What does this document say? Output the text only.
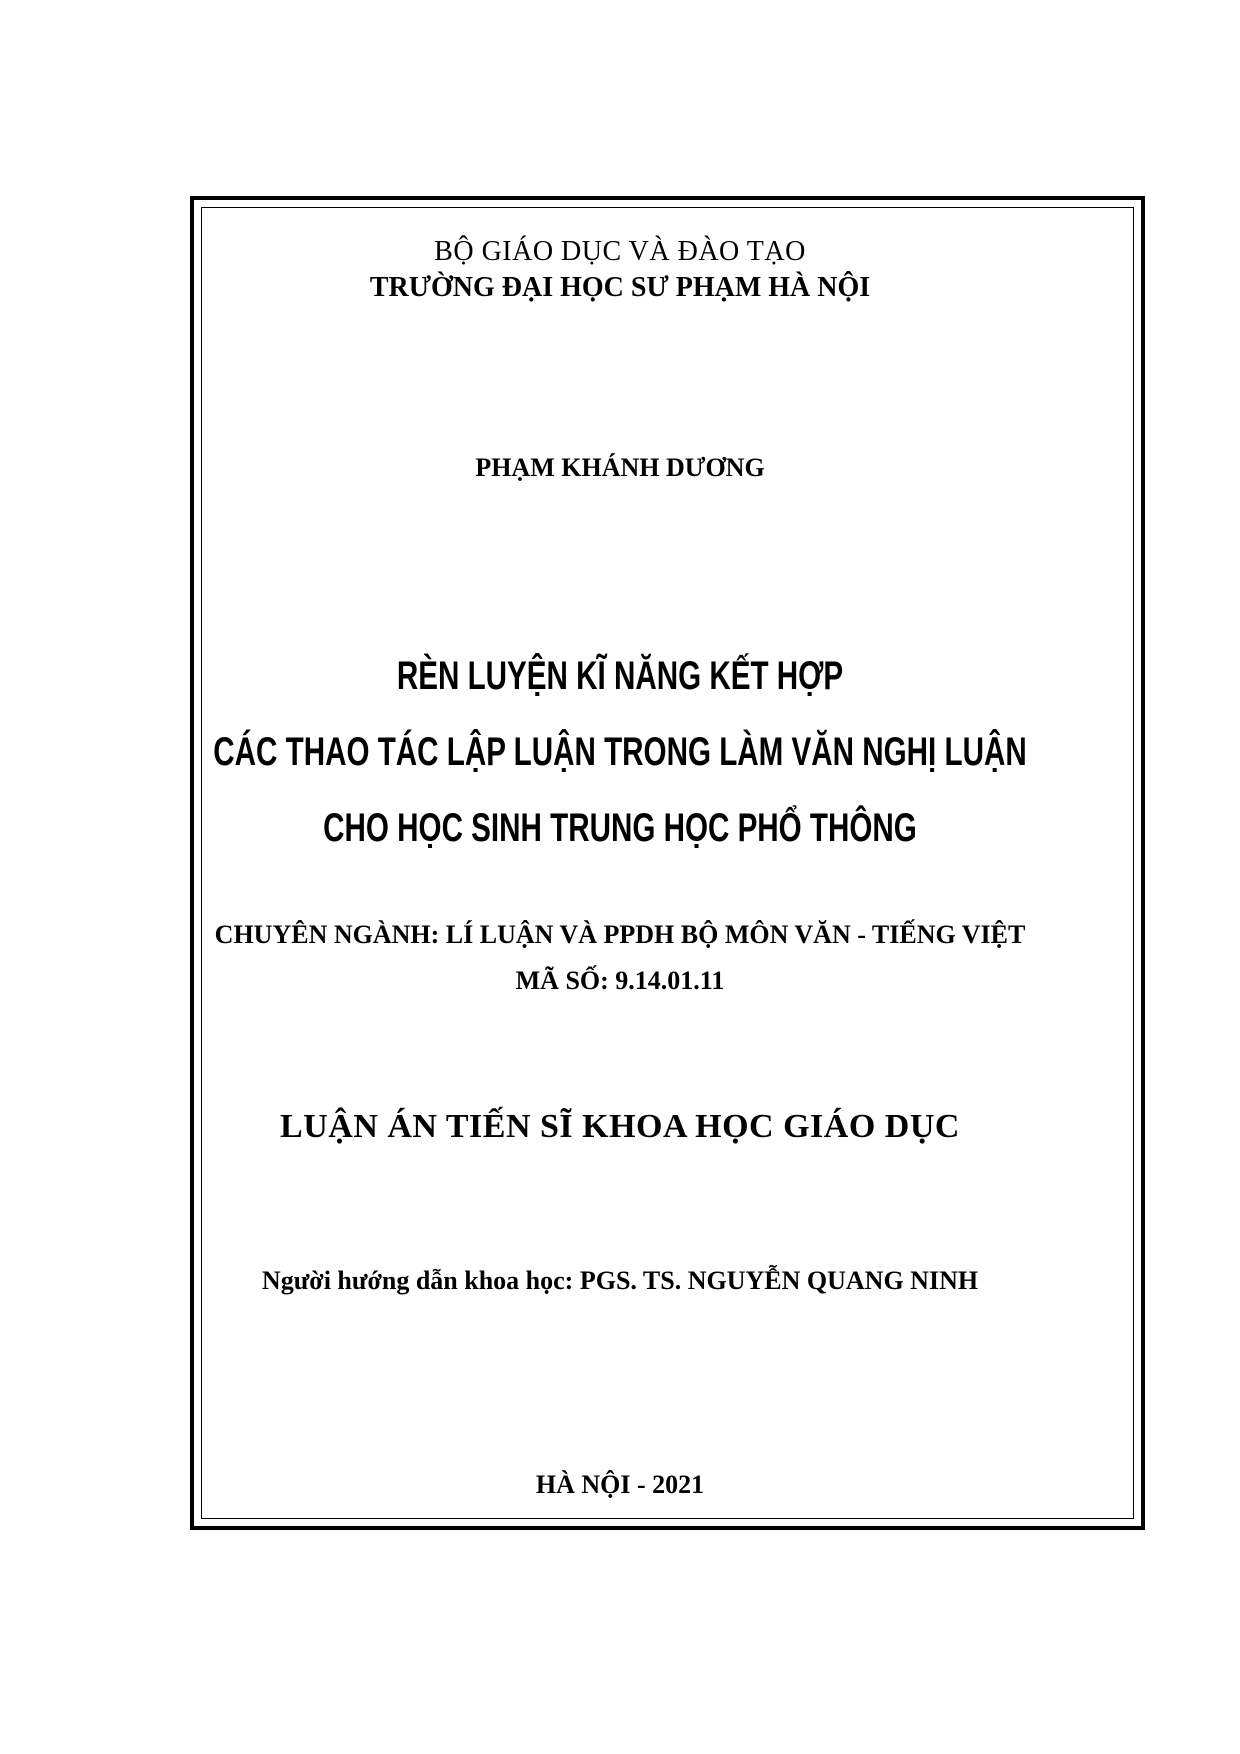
BỘ GIÁO DỤC VÀ ĐÀO TẠO
TRƯỜNG ĐẠI HỌC SƯ PHẠM HÀ NỘI
PHẠM KHÁNH DƯƠNG
RÈN LUYỆN KĨ NĂNG KẾT HỢP
CÁC THAO TÁC LẬP LUẬN TRONG LÀM VĂN NGHỊ LUẬN
CHO HỌC SINH TRUNG HỌC PHỔ THÔNG
CHUYÊN NGÀNH: LÍ LUẬN VÀ PPDH BỘ MÔN VĂN - TIẾNG VIỆT
MÃ SỐ: 9.14.01.11
LUẬN ÁN TIẾN SĨ KHOA HỌC GIÁO DỤC
Người hướng dẫn khoa học: PGS. TS. NGUYỄN QUANG NINH
HÀ NỘI - 2021
